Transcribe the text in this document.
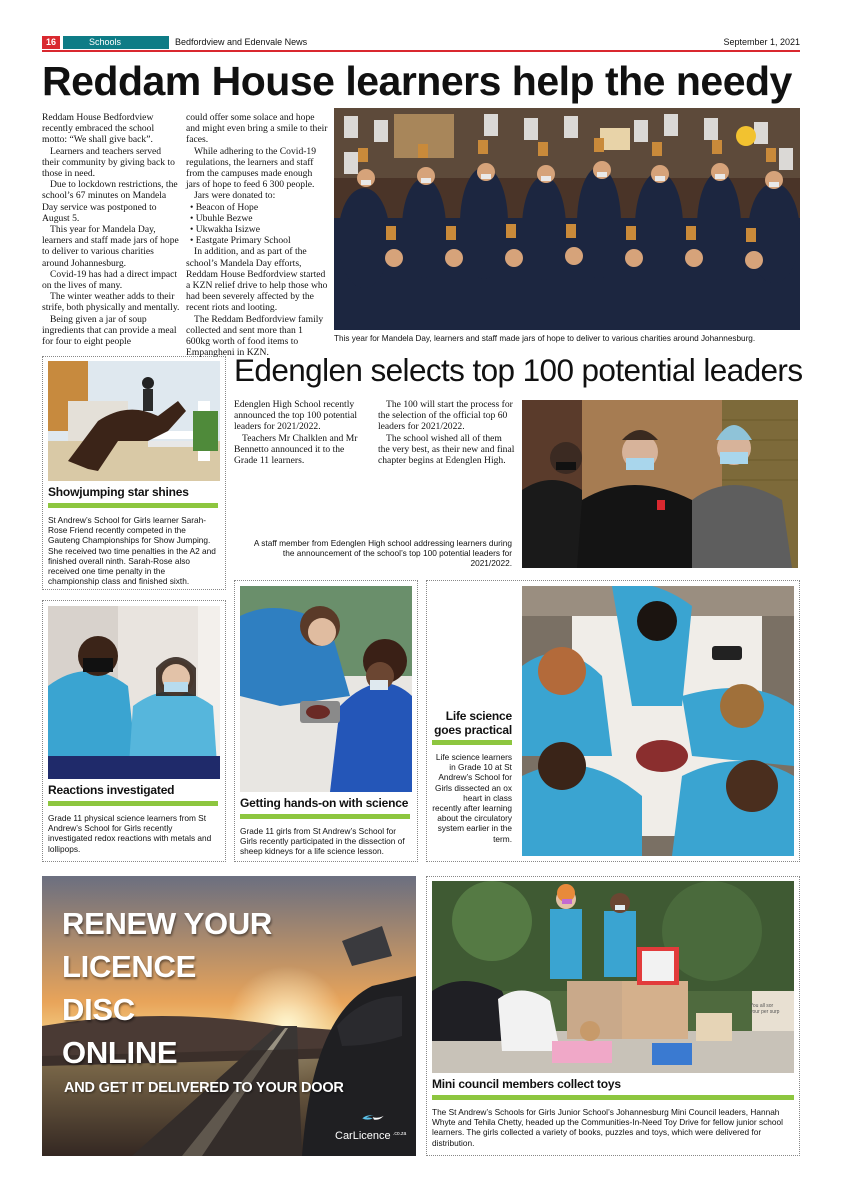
16	Schools	Bedfordview and Edenvale News	September 1, 2021
Reddam House learners help the needy

Reddam House Bedfordview recently embraced the school motto: “We shall give back”.

Learners and teachers served their community by giving back to those in need.

Due to lockdown restrictions, the school’s 67 minutes on Mandela Day service was postponed to August 5.

This year for Mandela Day, learners and staff made jars of hope to deliver to various charities around Johannesburg.

Covid-19 has had a direct impact on the lives of many.

The winter weather adds to their strife, both physically and mentally.

Being given a jar of soup ingredients that can provide a meal for four to eight people

could offer some solace and hope and might even bring a smile to their faces.

While adhering to the Covid-19 regulations, the learners and staff from the campuses made enough jars of hope to feed 6 300 people.

Jars were donated to:

• Beacon of Hope
• Ubuhle Bezwe
• Ukwakha Isizwe
• Eastgate Primary School

In addition, and as part of the school’s Mandela Day efforts, Reddam House Bedfordview started a KZN relief drive to help those who had been severely affected by the recent riots and looting.

The Reddam Bedfordview family collected and sent more than 1 600kg worth of food items to Empangheni in KZN.

This year for Mandela Day, learners and staff made jars of hope to deliver to various charities around Johannesburg.
Showjumping star shines
St Andrew’s School for Girls learner Sarah-Rose Friend recently competed in the Gauteng Championships for Show Jumping. She received two time penalties in the A2 and finished overall ninth. Sarah-Rose also received one time penalty in the championship class and finished sixth.
Edenglen selects top 100 potential leaders

Edenglen High School recently announced the top 100 potential leaders for 2021/2022.

Teachers Mr Chalklen and Mr Bennetto announced it to the Grade 11 learners.

The 100 will start the process for the selection of the official top 60 leaders for 2021/2022.

The school wished all of them the very best, as their new and final chapter begins at Edenglen High.

A staff member from Edenglen High school addressing learners during the announcement of the school’s top 100 potential leaders for 2021/2022.
Reactions investigated
Grade 11 physical science learners from St Andrew’s School for Girls recently investigated redox reactions with metals and lollipops.
Getting hands-on with science
Grade 11 girls from St Andrew’s School for Girls recently participated in the dissection of sheep kidneys for a life science lesson.
Life science
goes practical
Life science learners in Grade 10 at St Andrew’s School for Girls dissected an ox heart in class recently after learning about the circulatory system earlier in the term.
RENEW YOUR
LICENCE
DISC
ONLINE
AND GET IT DELIVERED TO YOUR DOOR
CarLicence .co.za
You all sor
your per surp
Mini council members collect toys
The St Andrew’s Schools for Girls Junior School’s Johannesburg Mini Council leaders, Hannah Whyte and Tehila Chetty, headed up the Communities-In-Need Toy Drive for fellow junior school learners. The girls collected a variety of books, puzzles and toys, which were delivered for distribution.
